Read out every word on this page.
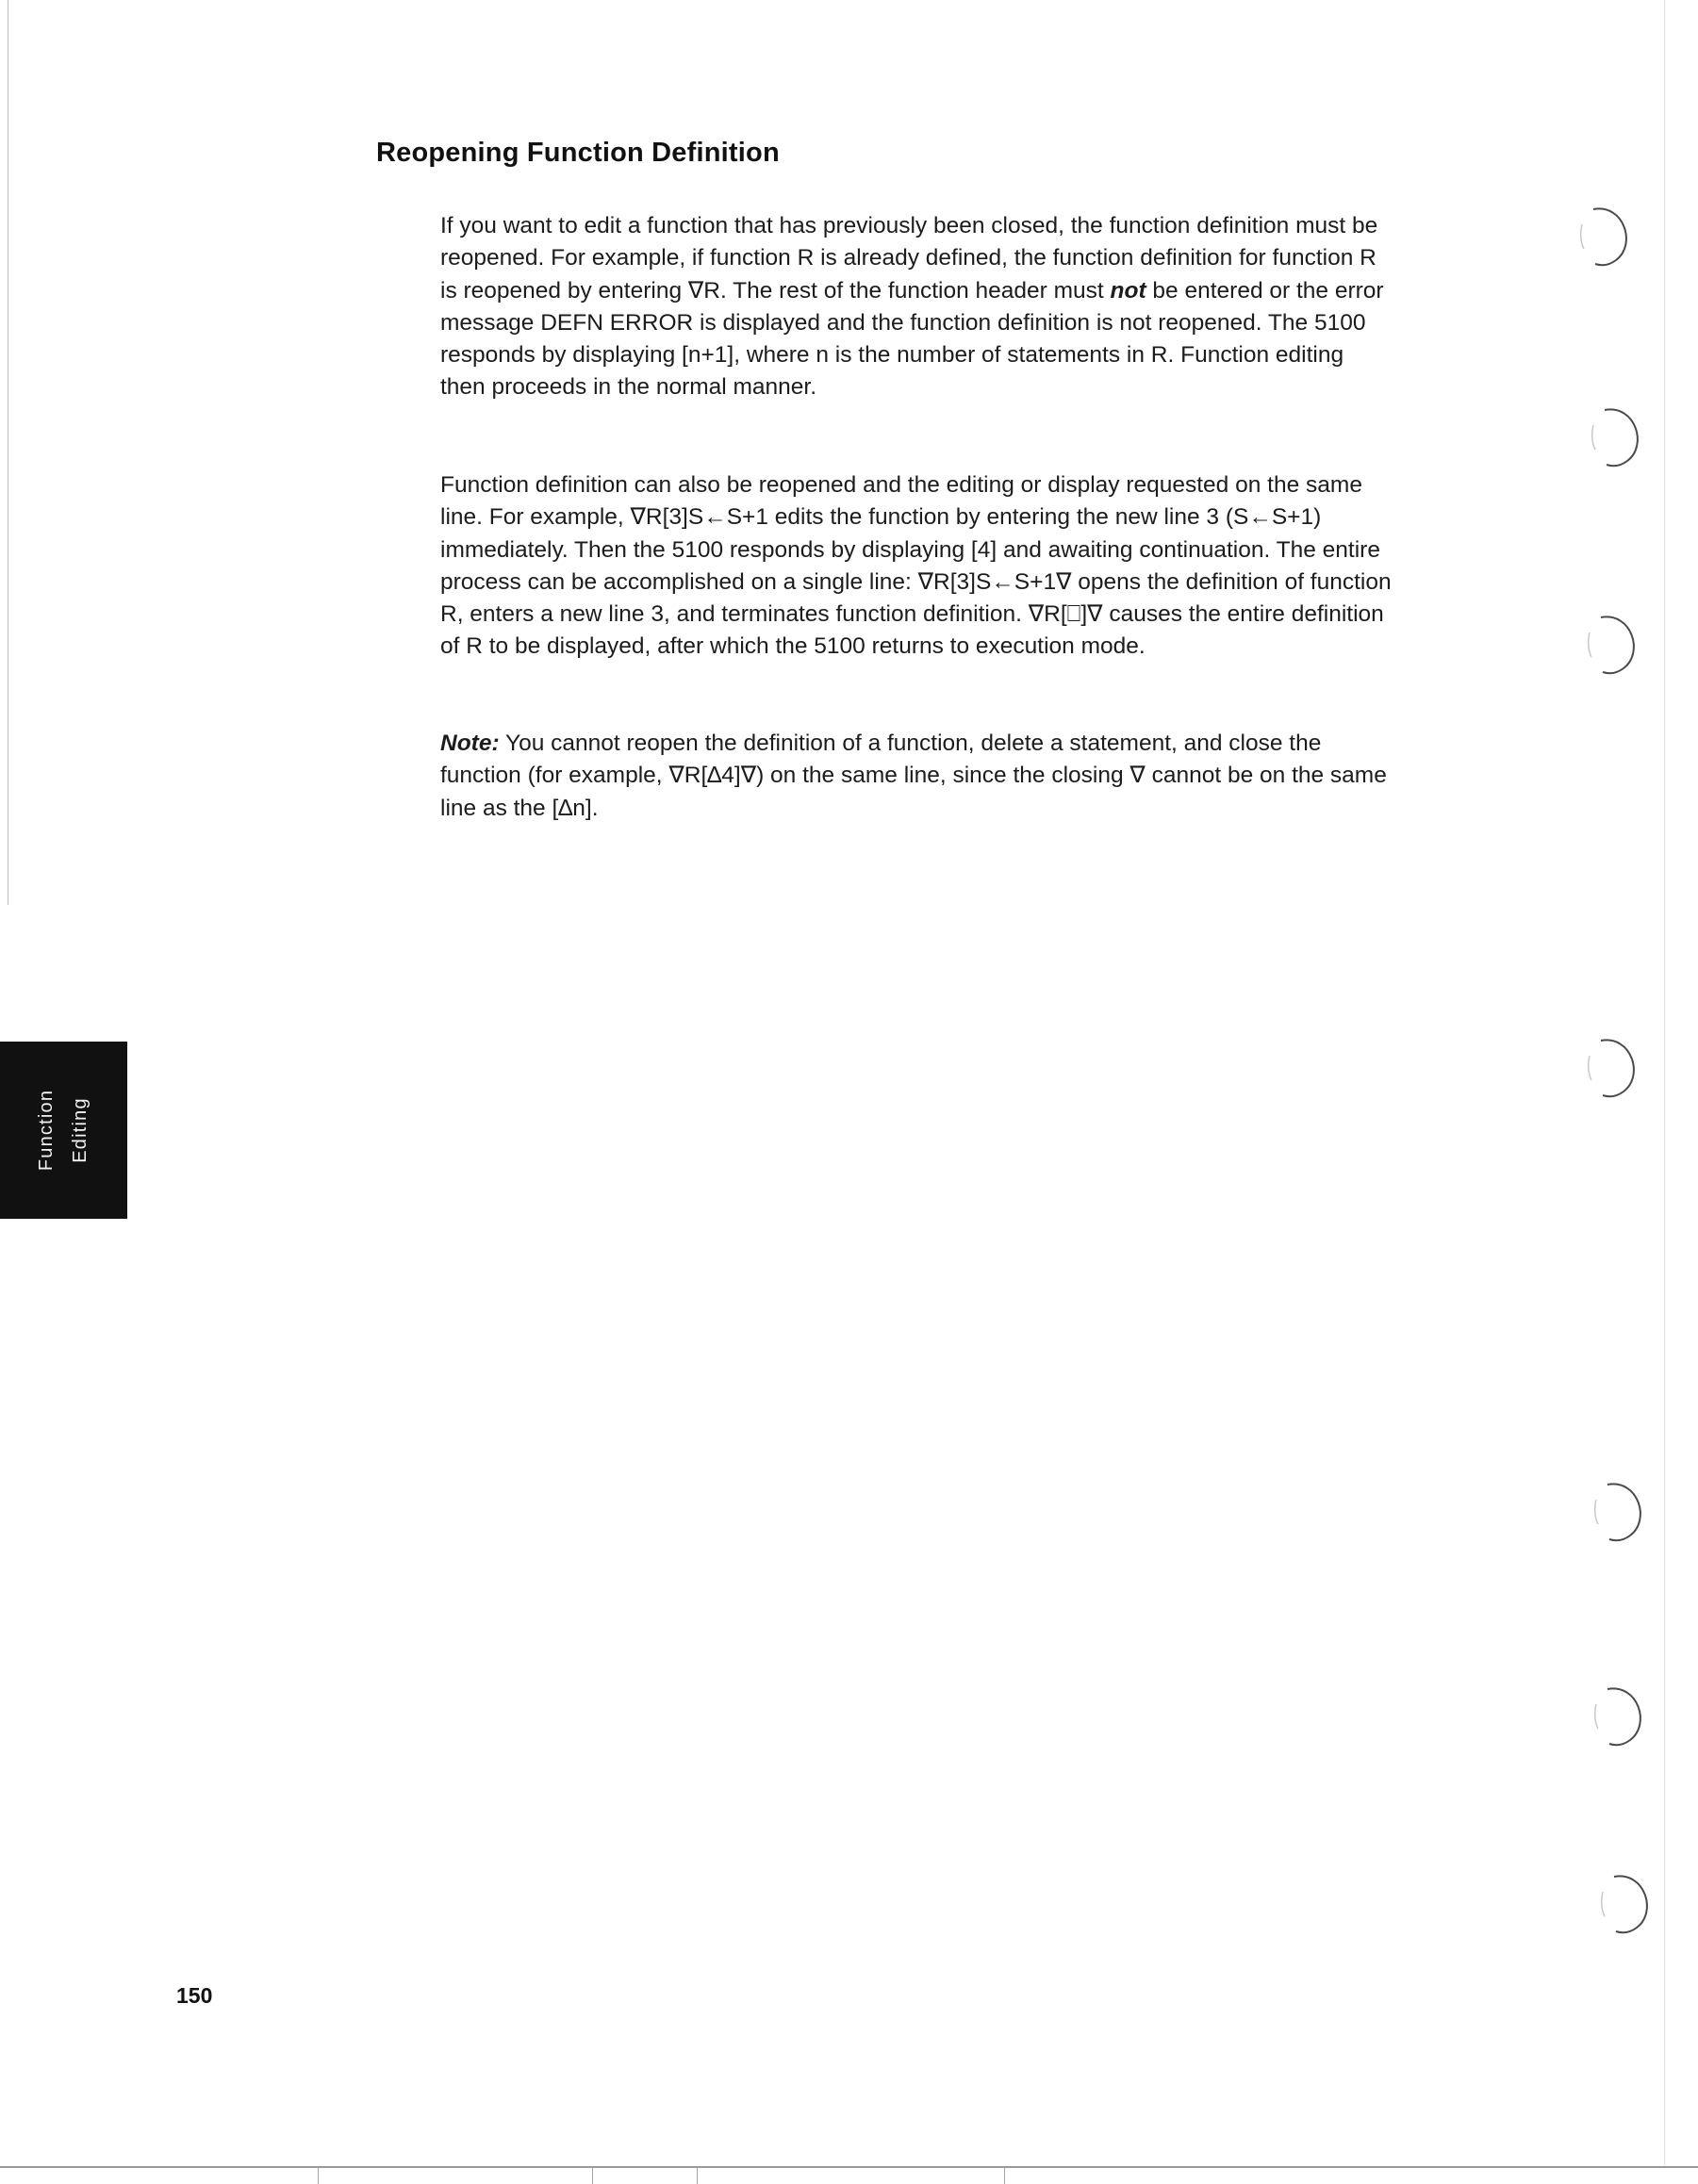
Reopening Function Definition

If you want to edit a function that has previously been closed, the function definition must be reopened. For example, if function R is already defined, the function definition for function R is reopened by entering ∇R. The rest of the function header must not be entered or the error message DEFN ERROR is displayed and the function definition is not reopened. The 5100 responds by displaying [n+1], where n is the number of statements in R. Function editing then proceeds in the normal manner.

Function definition can also be reopened and the editing or display requested on the same line. For example, ∇R[3]S←S+1 edits the function by entering the new line 3 (S←S+1) immediately. Then the 5100 responds by displaying [4] and awaiting continuation. The entire process can be accomplished on a single line: ∇R[3]S←S+1∇ opens the definition of function R, enters a new line 3, and terminates function definition. ∇R[⎕]∇ causes the entire definition of R to be displayed, after which the 5100 returns to execution mode.

Note: You cannot reopen the definition of a function, delete a statement, and close the function (for example, ∇R[∆4]∇) on the same line, since the closing ∇ cannot be on the same line as the [∆n].

Function Editing
150
